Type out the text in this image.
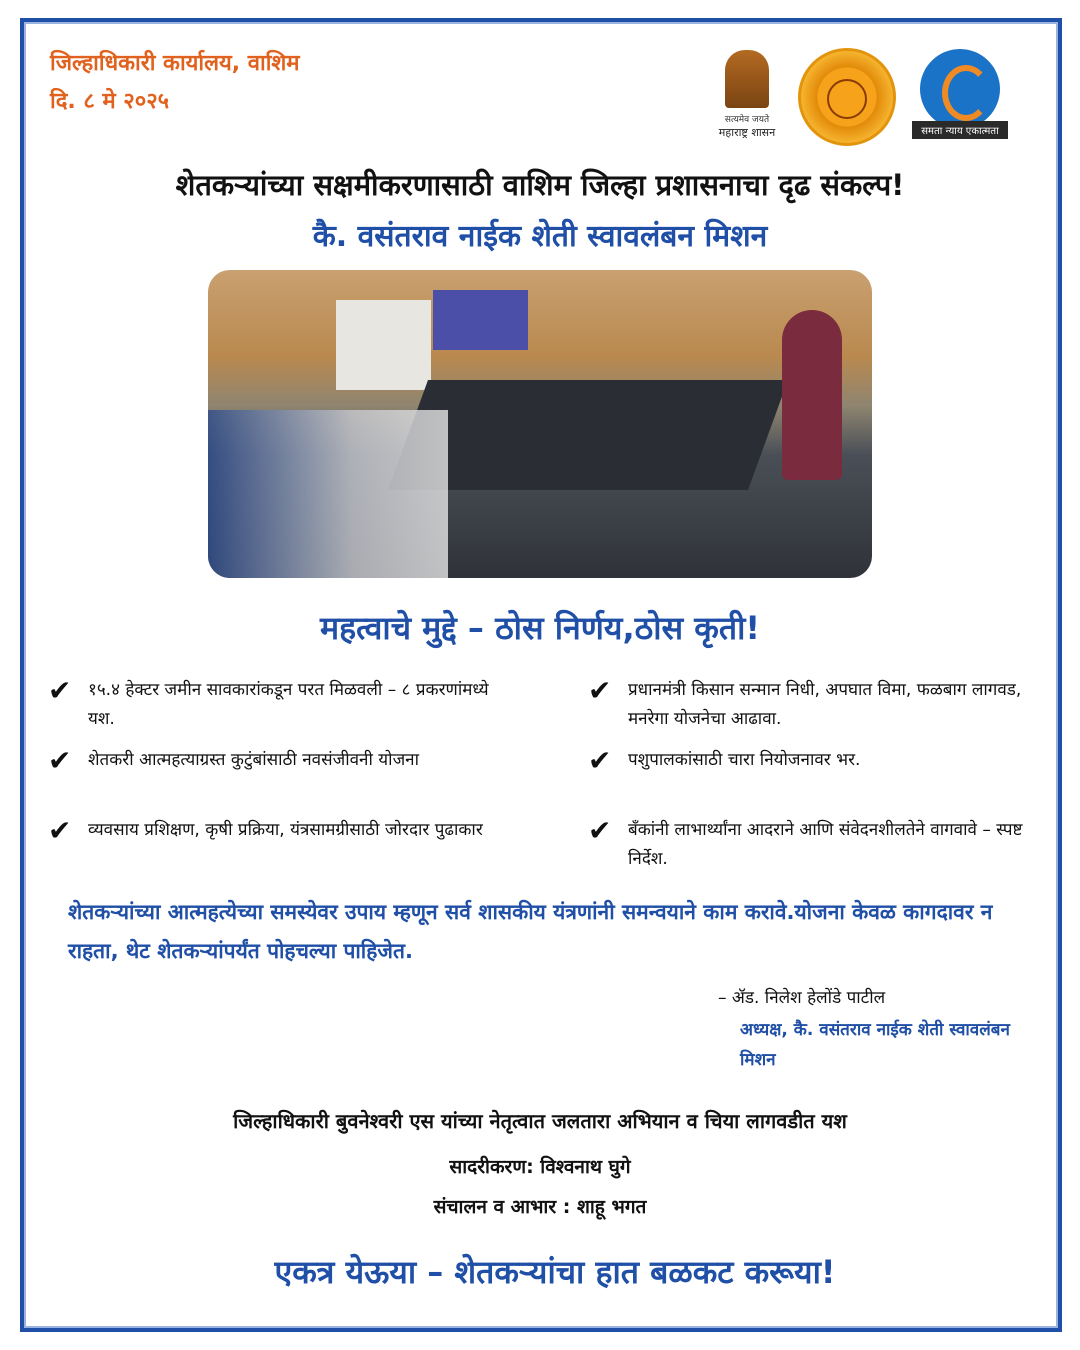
जिल्हाधिकारी कार्यालय, वाशिम
दि. ८ मे २०२५
सत्यमेव जयते
महाराष्ट्र शासन	समता न्याय एकात्मता
शेतकऱ्यांच्या सक्षमीकरणासाठी वाशिम जिल्हा प्रशासनाचा दृढ संकल्प!
कै. वसंतराव नाईक शेती स्वावलंबन मिशन
महत्वाचे मुद्दे – ठोस निर्णय,ठोस कृती!
✔ १५.४ हेक्टर जमीन सावकारांकडून परत मिळवली – ८ प्रकरणांमध्ये यश.
✔ शेतकरी आत्महत्याग्रस्त कुटुंबांसाठी नवसंजीवनी योजना
✔ व्यवसाय प्रशिक्षण, कृषी प्रक्रिया, यंत्रसामग्रीसाठी जोरदार पुढाकार
✔ प्रधानमंत्री किसान सन्मान निधी, अपघात विमा, फळबाग लागवड, मनरेगा योजनेचा आढावा.
✔ पशुपालकांसाठी चारा नियोजनावर भर.
✔ बँकांनी लाभार्थ्यांना आदराने आणि संवेदनशीलतेने वागवावे – स्पष्ट निर्देश.
शेतकऱ्यांच्या आत्महत्येच्या समस्येवर उपाय म्हणून सर्व शासकीय यंत्रणांनी समन्वयाने काम करावे.योजना केवळ कागदावर न राहता, थेट शेतकऱ्यांपर्यंत पोहचल्या पाहिजेत.
– ॲड. निलेश हेलोंडे पाटील
अध्यक्ष, कै. वसंतराव नाईक शेती स्वावलंबन मिशन
जिल्हाधिकारी बुवनेश्वरी एस यांच्या नेतृत्वात जलतारा अभियान व चिया लागवडीत यश
सादरीकरण: विश्वनाथ घुगे
संचालन व आभार : शाहू भगत
एकत्र येऊया – शेतकऱ्यांचा हात बळकट करूया!
